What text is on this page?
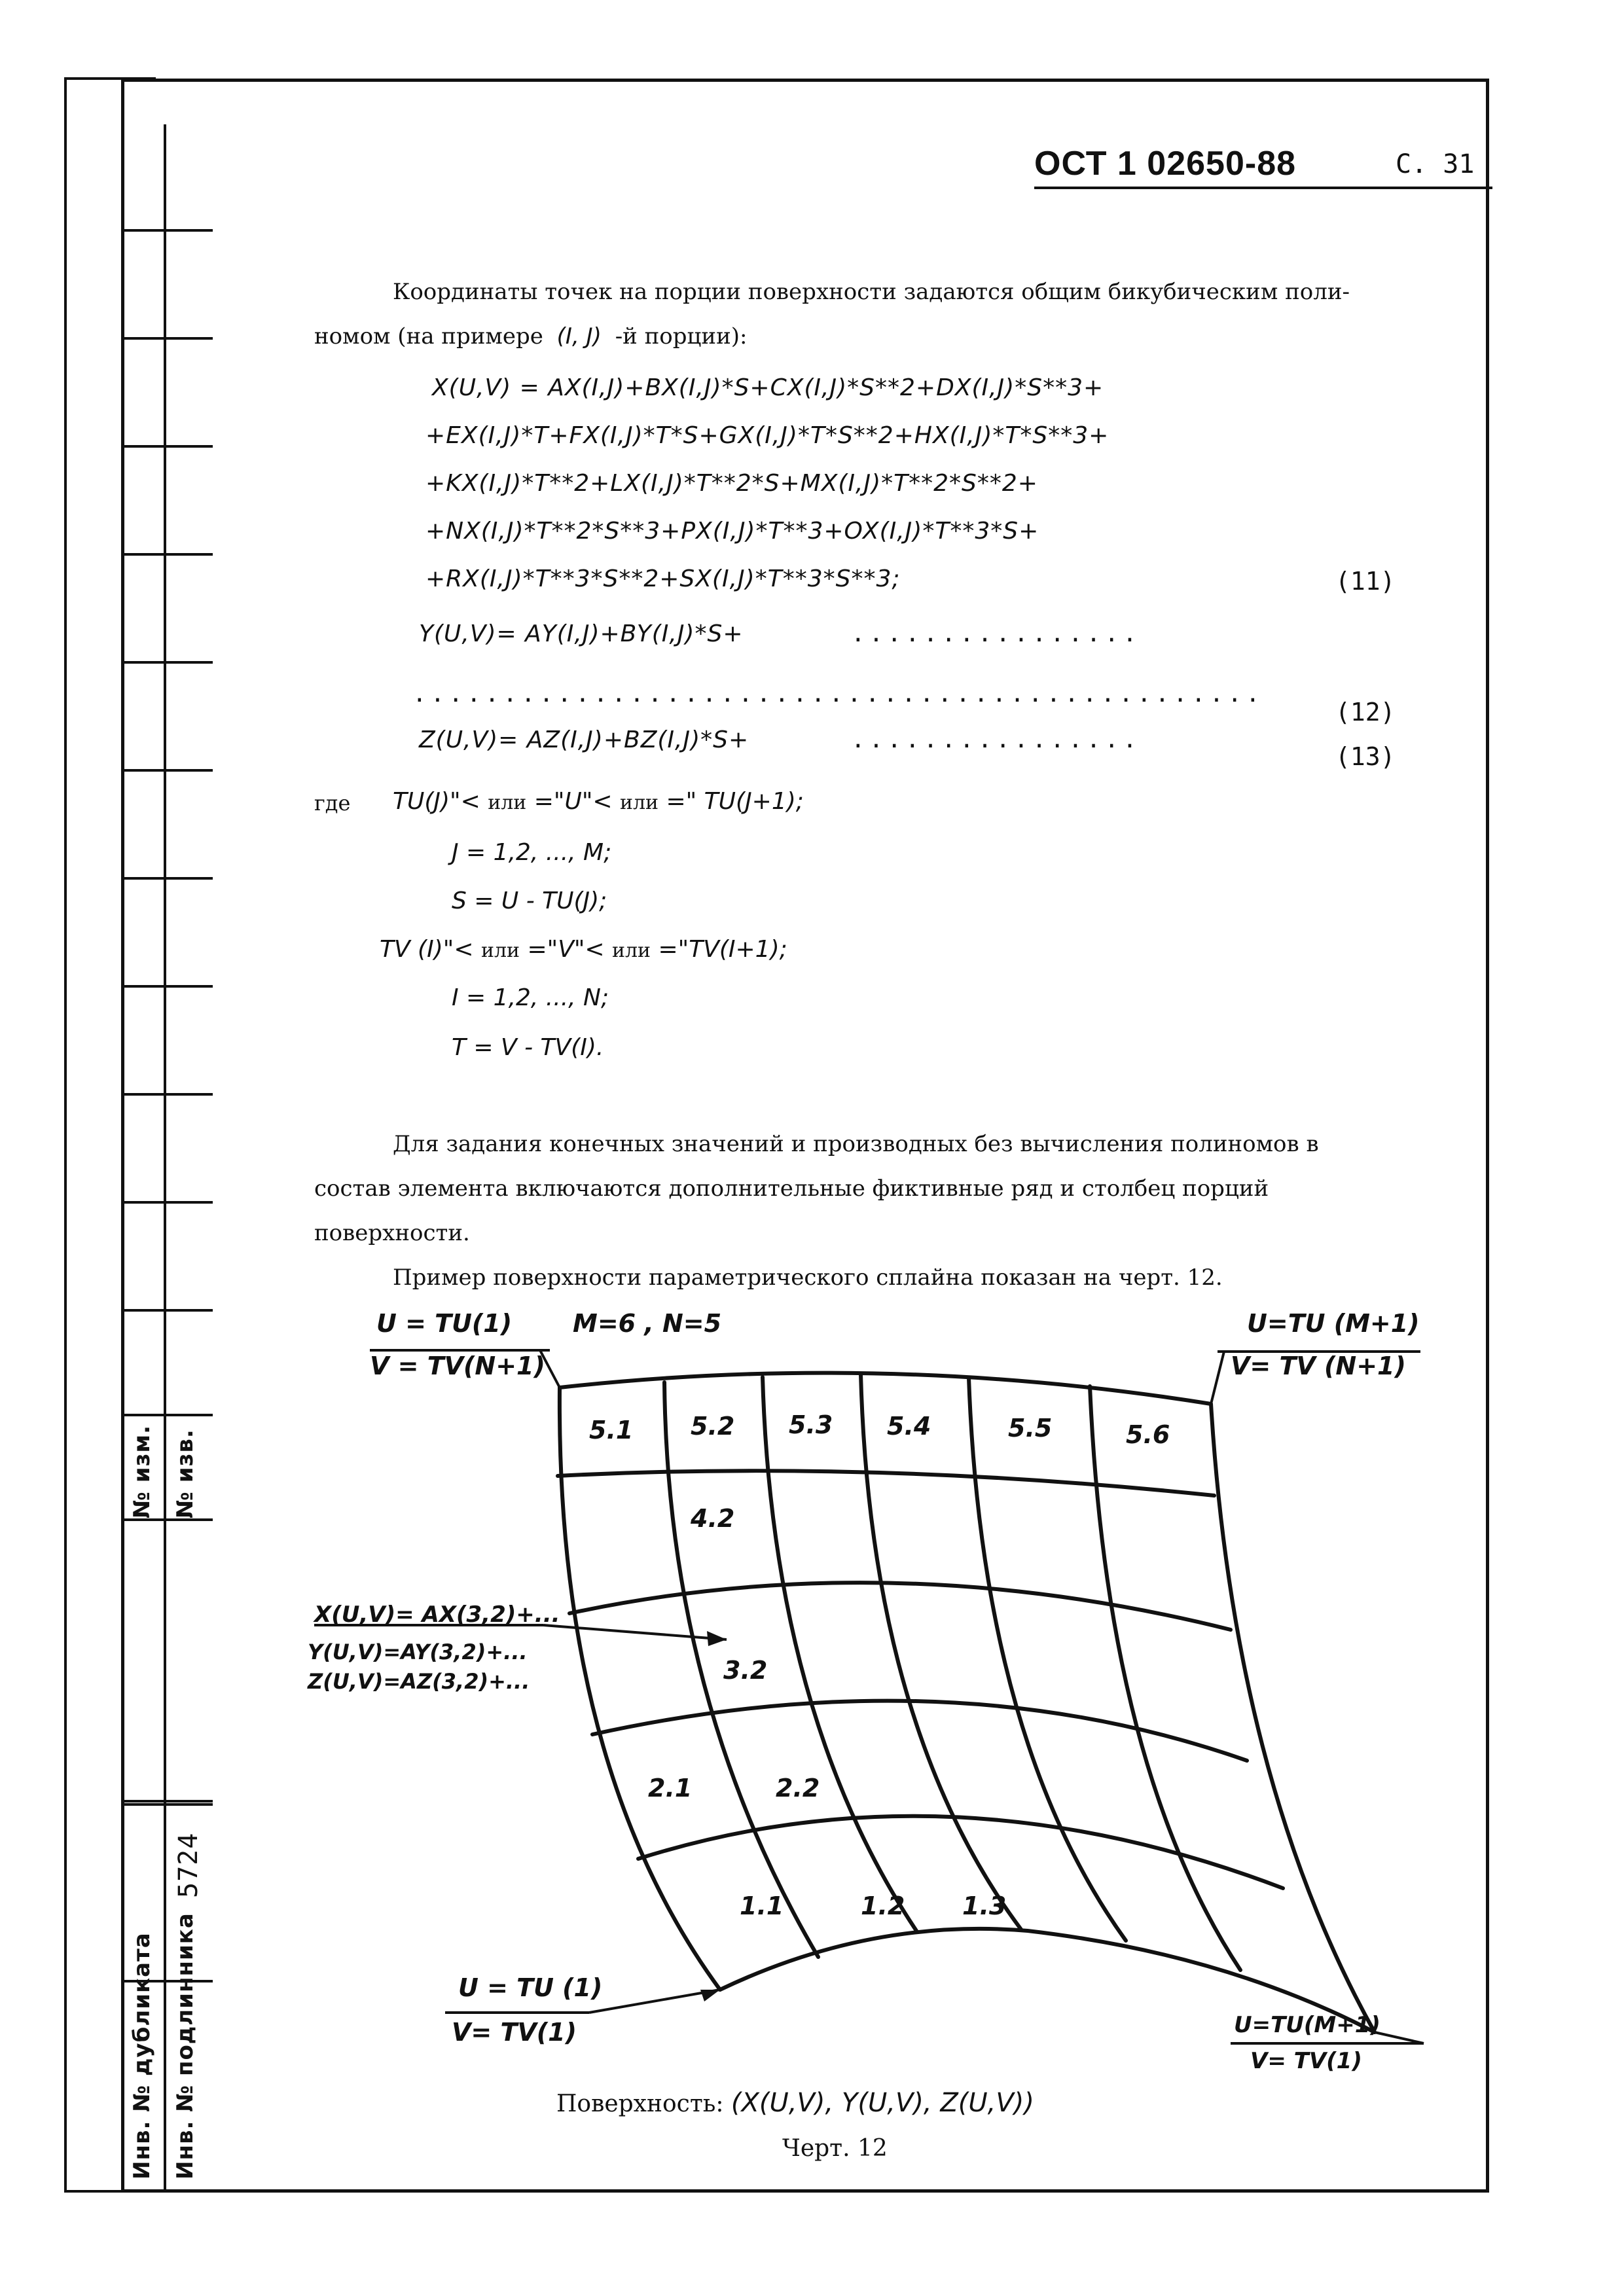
№ изм. № изв.
Инв. № дубликата Инв. № подлинника
5724
ОСТ 1 02650-88	С. 31
Координаты точек на порции поверхности задаются общим бикубическим поли-
номом (на примере (I, J) -й порции):
X(U,V) = AX(I,J)+BX(I,J)*S+CX(I,J)*S**2+DX(I,J)*S**3+
+EX(I,J)*T+FX(I,J)*T*S+GX(I,J)*T*S**2+HX(I,J)*T*S**3+
+KX(I,J)*T**2+LX(I,J)*T**2*S+MX(I,J)*T**2*S**2+
+NX(I,J)*T**2*S**3+PX(I,J)*T**3+OX(I,J)*T**3*S+
+RX(I,J)*T**3*S**2+SX(I,J)*T**3*S**3;	(11)
Y(U,V)= AY(I,J)+BY(I,J)*S+	................
...............................................
(12)
Z(U,V)= AZ(I,J)+BZ(I,J)*S+	................
(13)
где TU(J)"< или ="U"< или =" TU(J+1);
J = 1,2, ..., M;
S = U - TU(J);
TV (I)"< или ="V"< или ="TV(I+1);
I = 1,2, ..., N;
T = V - TV(I).
Для задания конечных значений и производных без вычисления полиномов в
состав элемента включаются дополнительные фиктивные ряд и столбец порций
поверхности.
Пример поверхности параметрического сплайна показан на черт. 12.
M=6 , N=5
U = TU(1)
V = TV(N+1)
U=TU (M+1)
V= TV (N+1)
U = TU (1)
V= TV(1)	U=TU(M+1)
V= TV(1)
X(U,V)= AX(3,2)+...
Y(U,V)=AY(3,2)+...
Z(U,V)=AZ(3,2)+...
5.1 5.2 5.3 5.4	5.5	5.6
4.2
3.2
2.1	2.2
1.1	1.2 1.3
Поверхность: (X(U,V), Y(U,V), Z(U,V))
Черт. 12
